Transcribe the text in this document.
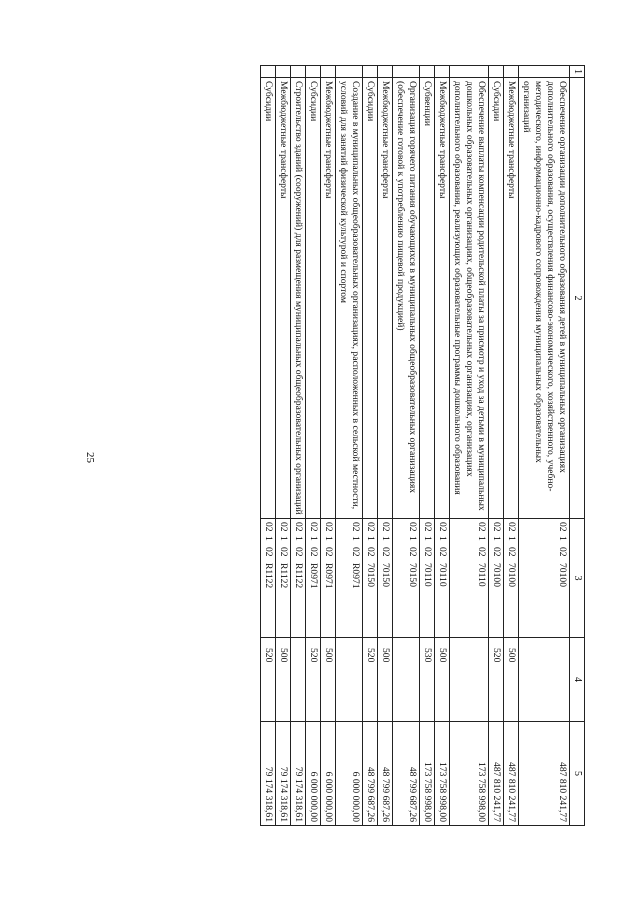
25
1	2	3	4	5
	Обеспечение организации дополнительного образования детей в муниципальных организациях дополнительного образования, осуществления финансово-экономического, хозяйственного, учебно-методического, информационно-кадрового сопровождения муниципальных образовательных организаций	0210270100		487 810 241,77
	Межбюджетные трансферты	0210270100	500	487 810 241,77
	Субсидии	0210270100	520	487 810 241,77
	Обеспечение выплаты компенсации родительской платы за присмотр и уход за детьми в муниципальных дошкольных образовательных организациях, общеобразовательных организациях, организациях дополнительного образования, реализующих образовательные программы дошкольного образования	0210270110		173 758 998,00
	Межбюджетные трансферты	0210270110	500	173 758 998,00
	Субвенции	0210270110	530	173 758 998,00
	Организация горячего питания обучающихся в муниципальных общеобразовательных организациях (обеспечение готовой к употреблению пищевой продукцией)	0210270150		48 799 687,26
	Межбюджетные трансферты	0210270150	500	48 799 687,26
	Субсидии	0210270150	520	48 799 687,26
	Создание в муниципальных общеобразовательных организациях, расположенных в сельской местности, условий для занятий физической культурой и спортом	02102R0971		6 000 000,00
	Межбюджетные трансферты	02102R0971	500	6 000 000,00
	Субсидии	02102R0971	520	6 000 000,00
	Строительство зданий (сооружений) для размещения муниципальных общеобразовательных организаций	02102R1122		79 174 318,61
	Межбюджетные трансферты	02102R1122	500	79 174 318,61
	Субсидии	02102R1122	520	79 174 318,61
